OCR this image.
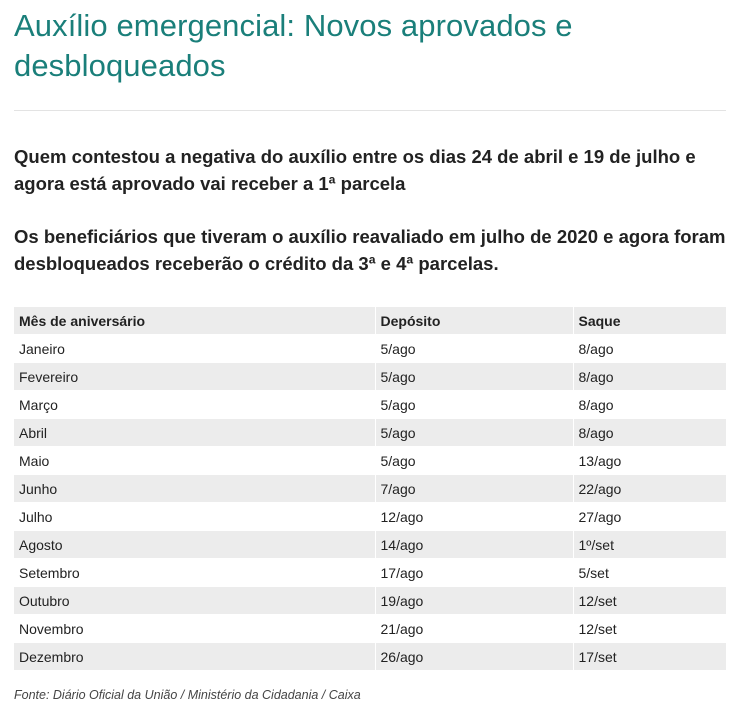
Auxílio emergencial: Novos aprovados e desbloqueados

Quem contestou a negativa do auxílio entre os dias 24 de abril e 19 de julho e agora está aprovado vai receber a 1ª parcela

Os beneficiários que tiveram o auxílio reavaliado em julho de 2020 e agora foram desbloqueados receberão o crédito da 3ª e 4ª parcelas.

Mês de aniversário	Depósito	Saque
Janeiro	5/ago	8/ago
Fevereiro	5/ago	8/ago
Março	5/ago	8/ago
Abril	5/ago	8/ago
Maio	5/ago	13/ago
Junho	7/ago	22/ago
Julho	12/ago	27/ago
Agosto	14/ago	1º/set
Setembro	17/ago	5/set
Outubro	19/ago	12/set
Novembro	21/ago	12/set
Dezembro	26/ago	17/set

Fonte: Diário Oficial da União / Ministério da Cidadania / Caixa
